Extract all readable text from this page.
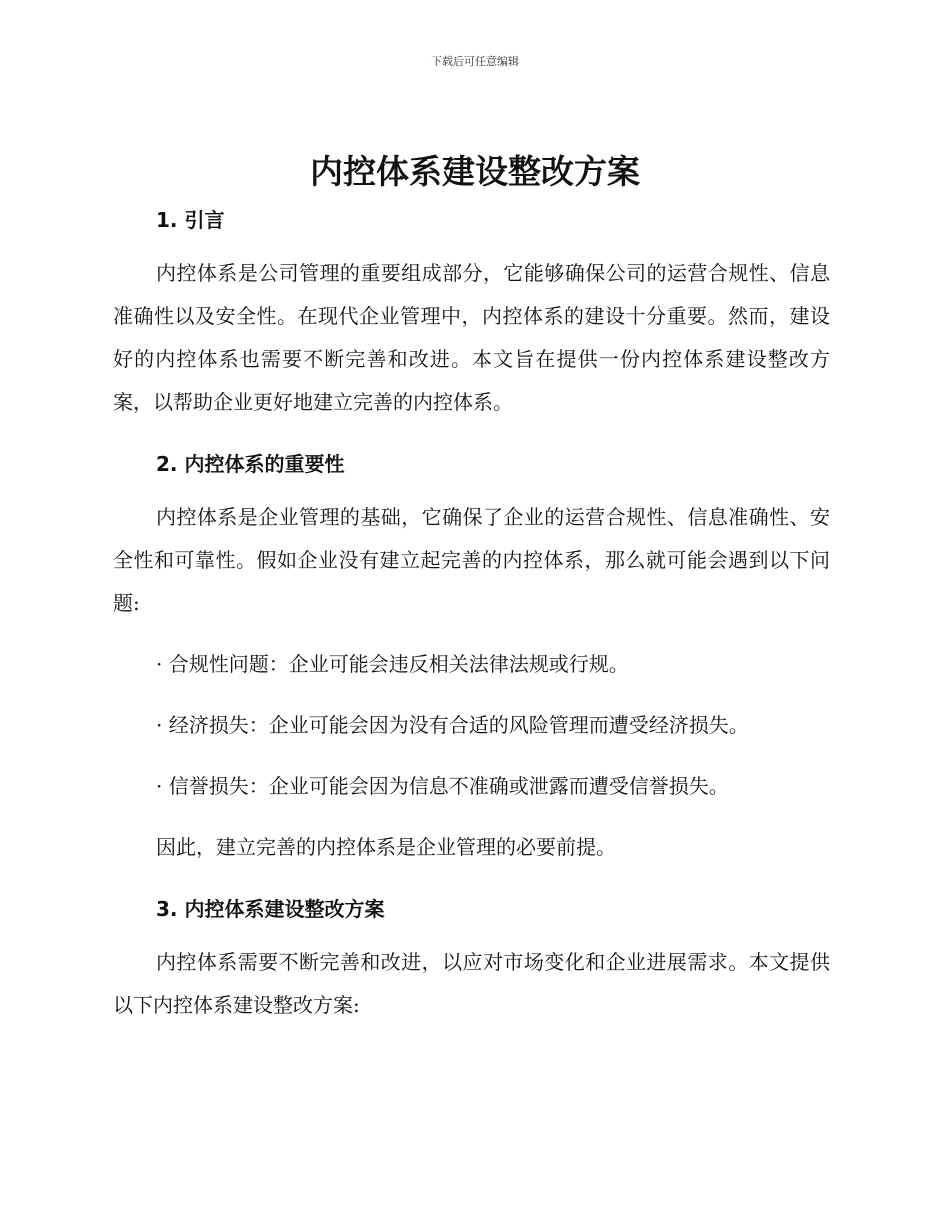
下载后可任意编辑
内控体系建设整改方案
1. 引言

内控体系是公司管理的重要组成部分，它能够确保公司的运营合规性、信息准确性以及安全性。在现代企业管理中，内控体系的建设十分重要。然而，建设好的内控体系也需要不断完善和改进。本文旨在提供一份内控体系建设整改方案，以帮助企业更好地建立完善的内控体系。

2. 内控体系的重要性

内控体系是企业管理的基础，它确保了企业的运营合规性、信息准确性、安全性和可靠性。假如企业没有建立起完善的内控体系，那么就可能会遇到以下问题:

· 合规性问题：企业可能会违反相关法律法规或行规。

· 经济损失：企业可能会因为没有合适的风险管理而遭受经济损失。

· 信誉损失：企业可能会因为信息不准确或泄露而遭受信誉损失。

因此，建立完善的内控体系是企业管理的必要前提。

3. 内控体系建设整改方案

内控体系需要不断完善和改进，以应对市场变化和企业进展需求。本文提供以下内控体系建设整改方案:
